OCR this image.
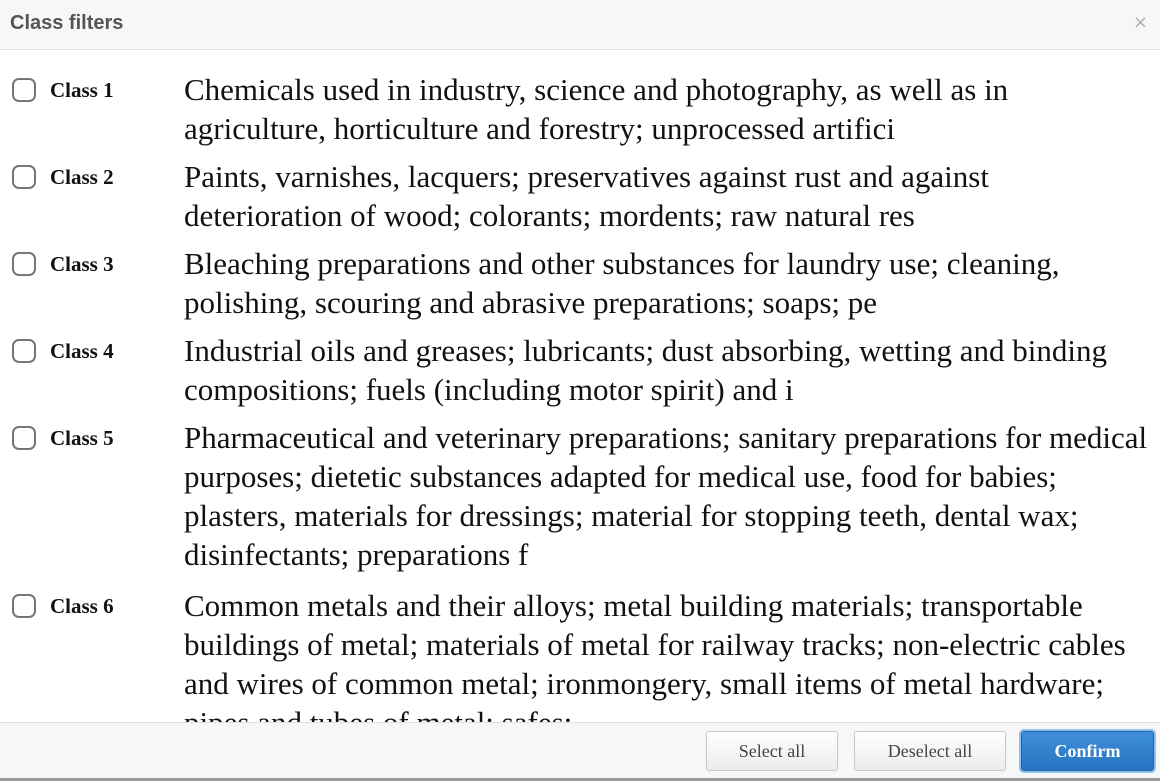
Class filters	×
Class 1 Chemicals used in industry, science and photography, as well as in agriculture, horticulture and forestry; unprocessed artifici
Class 2 Paints, varnishes, lacquers; preservatives against rust and against deterioration of wood; colorants; mordents; raw natural res
Class 3 Bleaching preparations and other substances for laundry use; cleaning, polishing, scouring and abrasive preparations; soaps; pe
Class 4 Industrial oils and greases; lubricants; dust absorbing, wetting and binding compositions; fuels (including motor spirit) and i
Class 5 Pharmaceutical and veterinary preparations; sanitary preparations for medical purposes; dietetic substances adapted for medical use, food for babies; plasters, materials for dressings; material for stopping teeth, dental wax; disinfectants; preparations f
Class 6 Common metals and their alloys; metal building materials; transportable buildings of metal; materials of metal for railway tracks; non-electric cables and wires of common metal; ironmongery, small items of metal hardware;
Select all	Deselect all	Confirm
